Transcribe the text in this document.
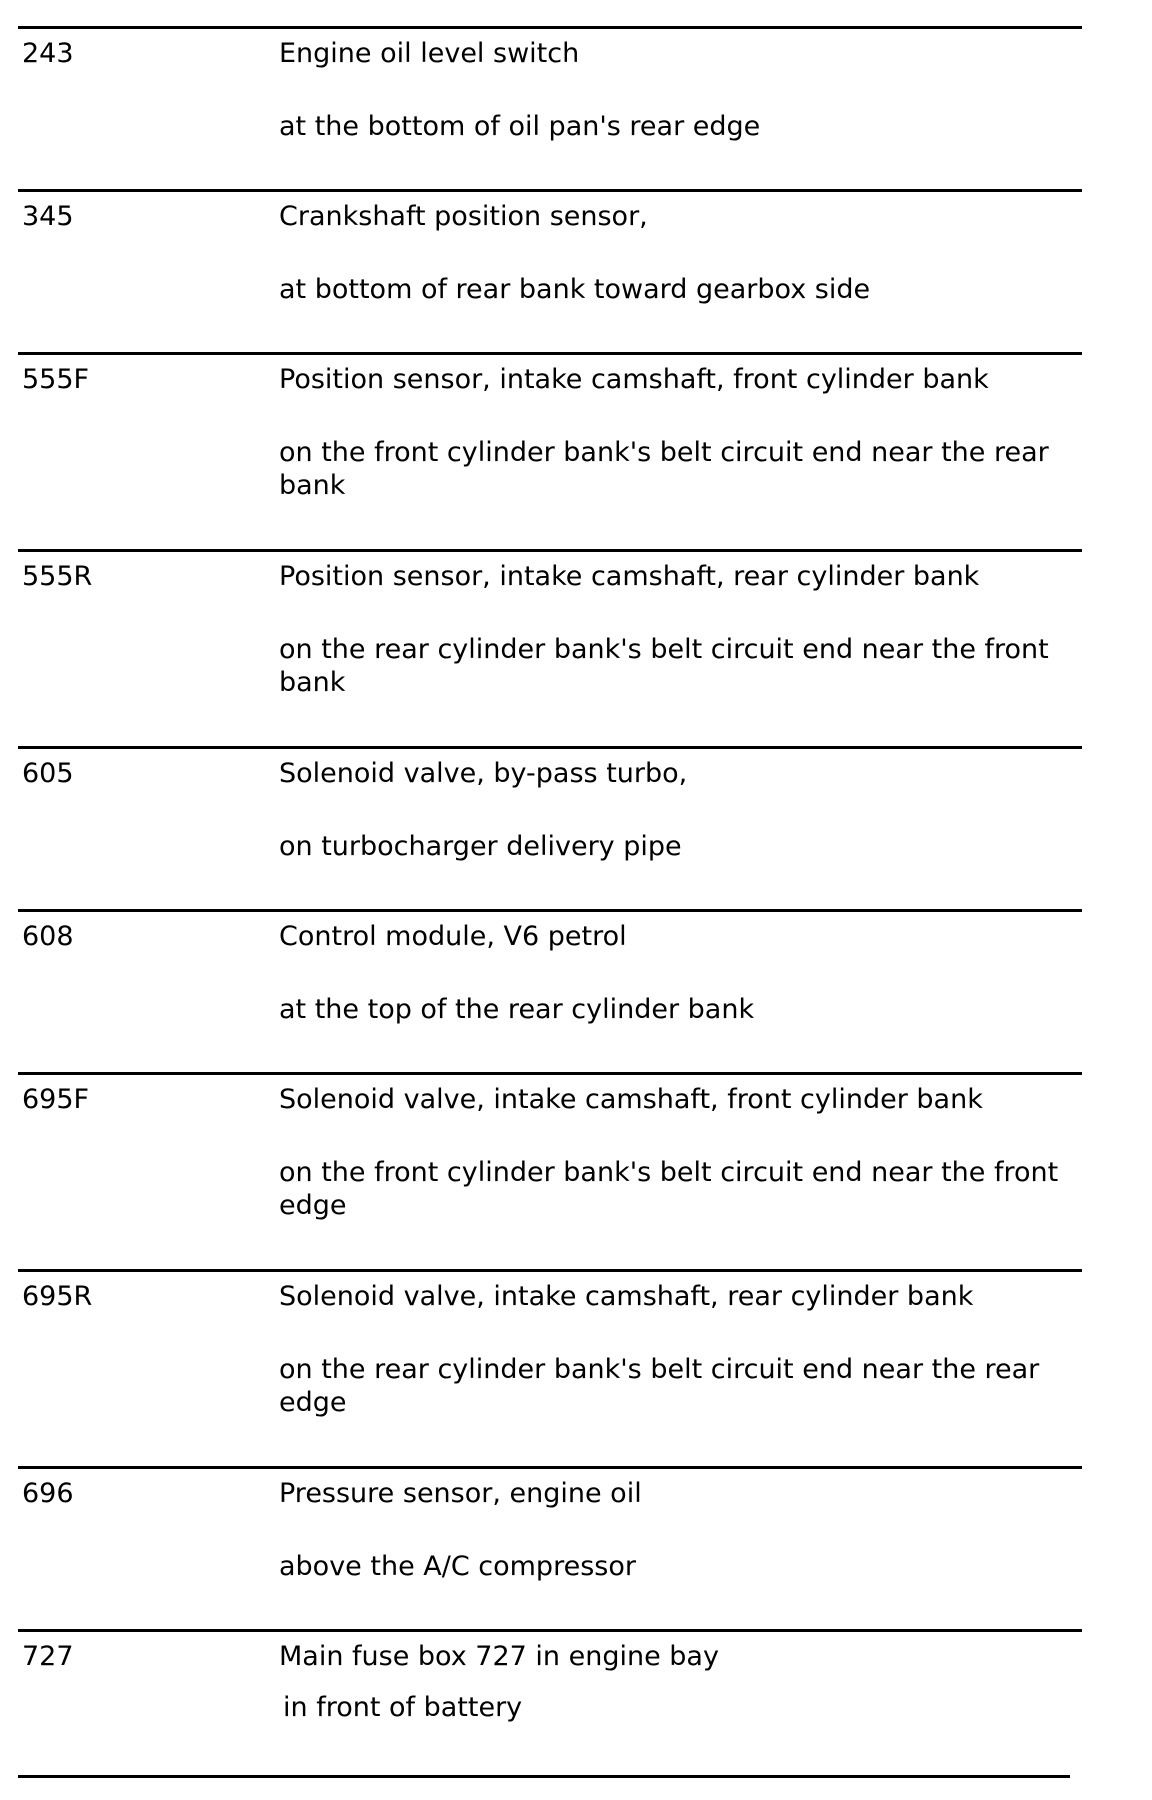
243	Engine oil level switch

at the bottom of oil pan's rear edge

345	Crankshaft position sensor,

at bottom of rear bank toward gearbox side

555F	Position sensor, intake camshaft, front cylinder bank

on the front cylinder bank's belt circuit end near the rear bank

555R	Position sensor, intake camshaft, rear cylinder bank

on the rear cylinder bank's belt circuit end near the front bank

605	Solenoid valve, by-pass turbo,

on turbocharger delivery pipe

608	Control module, V6 petrol

at the top of the rear cylinder bank

695F	Solenoid valve, intake camshaft, front cylinder bank

on the front cylinder bank's belt circuit end near the front edge

695R	Solenoid valve, intake camshaft, rear cylinder bank

on the rear cylinder bank's belt circuit end near the rear edge

696	Pressure sensor, engine oil

above the A/C compressor

727	Main fuse box 727 in engine bay

in front of battery
